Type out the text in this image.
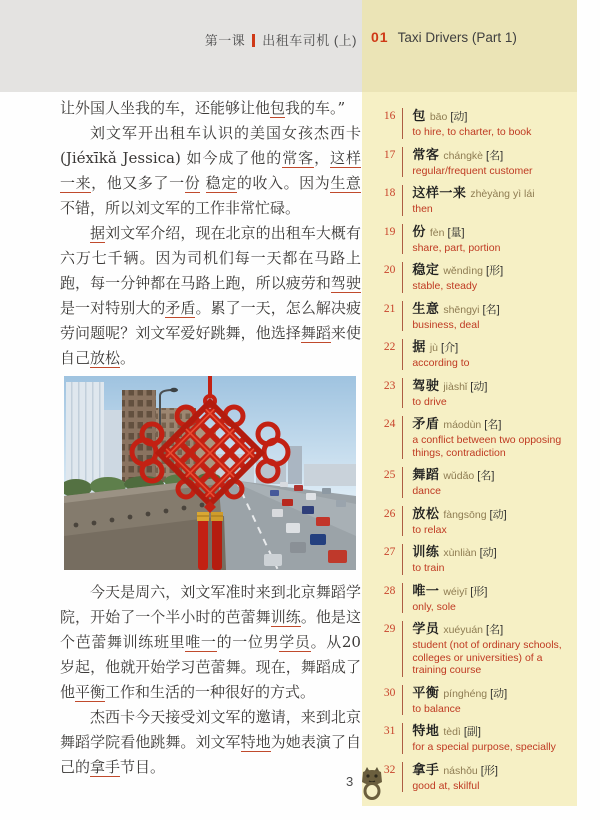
第一课 出租车司机 (上)	01 Taxi Drivers (Part 1)
16	包 bāo [动]
to hire, to charter, to book
17	常客 chángkè [名]
regular/frequent customer
18	这样一来 zhèyàng yì lái
then
19	份 fèn [量]
share, part, portion
20	稳定 wěndìng [形]
stable, steady
21	生意 shēngyi [名]
business, deal
22	据 jù [介]
according to
23	驾驶 jiàshǐ [动]
to drive
24	矛盾 máodùn [名]
a conflict between two opposing things, contradiction
25	舞蹈 wǔdǎo [名]
dance
26	放松 fàngsōng [动]
to relax
27	训练 xùnliàn [动]
to train
28	唯一 wéiyī [形]
only, sole
29	学员 xuéyuán [名]
student (not of ordinary schools, colleges or universities) of a training course
30	平衡 pínghéng [动]
to balance
31	特地 tèdì [副]
for a special purpose, specially
32	拿手 náshǒu [形]
good at, skilful

让外国人坐我的车，还能够让他包我的车。”

刘文军开出租车认识的美国女孩杰西卡 (Jiéxīkǎ Jessica) 如今成了他的常客，这样一来，他又多了一份 稳定的收入。因为生意不错，所以刘文军的工作非常忙碌。

据刘文军介绍，现在北京的出租车大概有六万七千辆。因为司机们每一天都在马路上跑，每一分钟都在马路上跑，所以疲劳和驾驶是一对特别大的矛盾。累了一天，怎么解决疲劳问题呢？刘文军爱好跳舞，他选择舞蹈来使自己放松。

今天是周六，刘文军准时来到北京舞蹈学院，开始了一个半小时的芭蕾舞训练。他是这个芭蕾舞训练班里唯一的一位男学员。从20岁起，他就开始学习芭蕾舞。现在，舞蹈成了他平衡工作和生活的一种很好的方式。

杰西卡今天接受刘文军的邀请，来到北京舞蹈学院看他跳舞。刘文军特地为她表演了自己的拿手节目。

3
